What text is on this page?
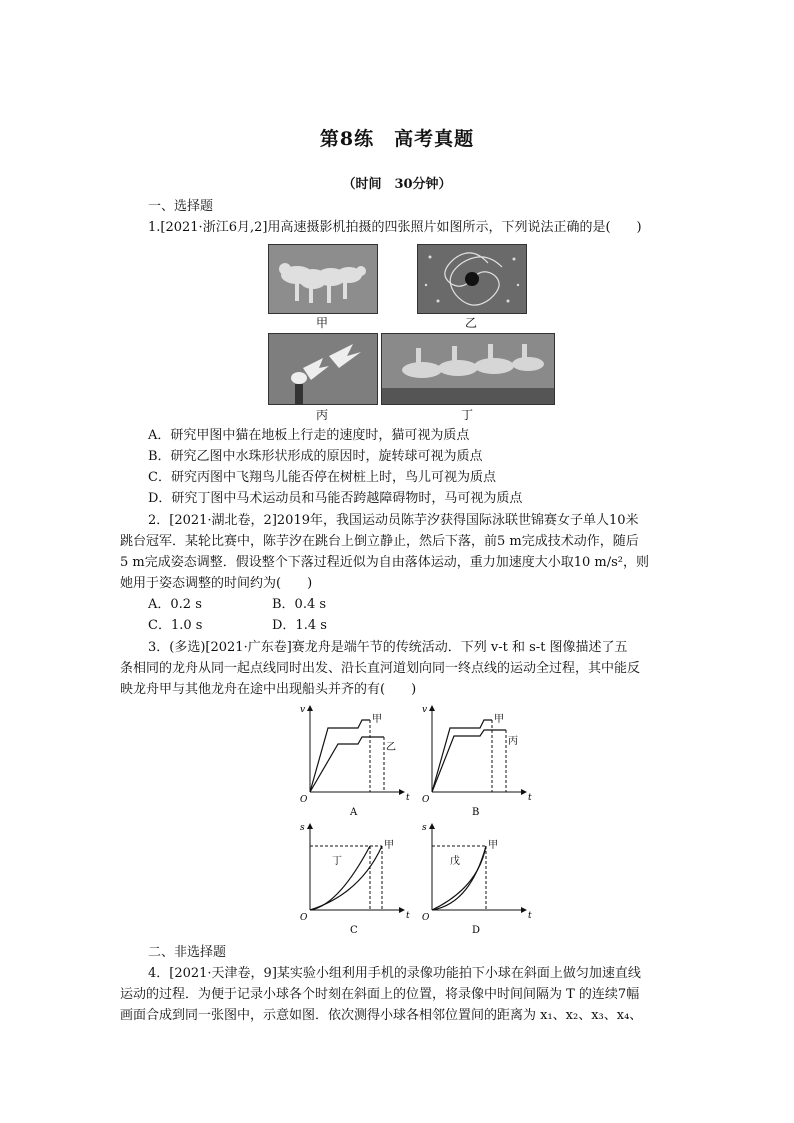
第8练　高考真题
（时间　30分钟）
一、选择题
1.[2021·浙江6月,2]用高速摄影机拍摄的四张照片如图所示，下列说法正确的是(　　)
甲	乙
丙	丁
A．研究甲图中猫在地板上行走的速度时，猫可视为质点
B．研究乙图中水珠形状形成的原因时，旋转球可视为质点
C．研究丙图中飞翔鸟儿能否停在树桩上时，鸟儿可视为质点
D．研究丁图中马术运动员和马能否跨越障碍物时，马可视为质点
2．[2021·湖北卷，2]2019年，我国运动员陈芋汐获得国际泳联世锦赛女子单人10米
跳台冠军．某轮比赛中，陈芋汐在跳台上倒立静止，然后下落，前5 m完成技术动作，随后
5 m完成姿态调整．假设整个下落过程近似为自由落体运动，重力加速度大小取10 m/s²，则
她用于姿态调整的时间约为(　　)
A．0.2 s	B．0.4 s
C．1.0 s	D．1.4 s
3．(多选)[2021·广东卷]赛龙舟是端午节的传统活动．下列 v-t 和 s-t 图像描述了五
条相同的龙舟从同一起点线同时出发、沿长直河道划向同一终点线的运动全过程，其中能反
映龙舟甲与其他龙舟在途中出现船头并齐的有(　　)
v
t
O
甲
乙
A
v
t
O
甲
丙
B
s
t
O
甲
丁
C
s
t
O
甲
戊
D
二、非选择题
4．[2021·天津卷，9]某实验小组利用手机的录像功能拍下小球在斜面上做匀加速直线
运动的过程．为便于记录小球各个时刻在斜面上的位置，将录像中时间间隔为 T 的连续7幅
画面合成到同一张图中，示意如图．依次测得小球各相邻位置间的距离为 x₁、x₂、x₃、x₄、
